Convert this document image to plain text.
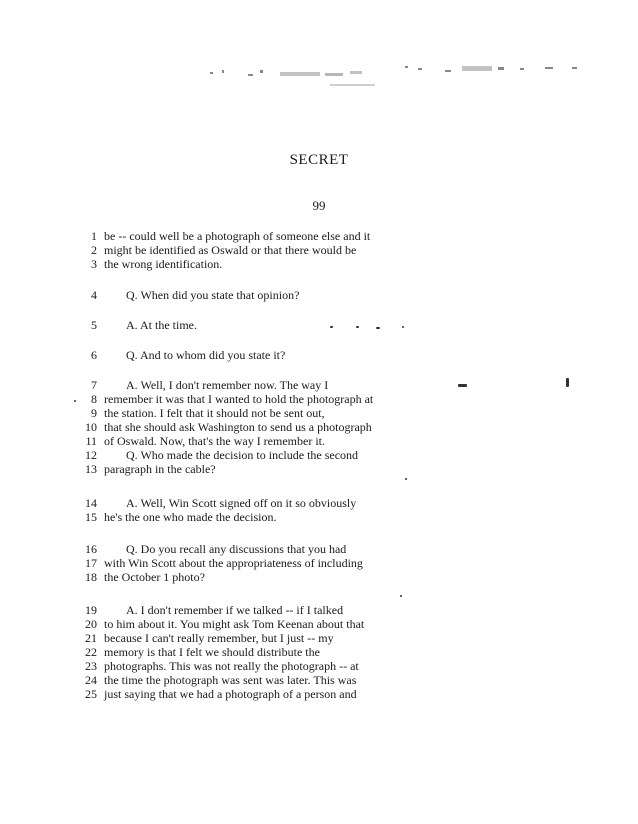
SECRET
99
1 be -- could well be a photograph of someone else and it
2 might be identified as Oswald or that there would be
3 the wrong identification.
4 Q. When did you state that opinion?
5 A. At the time.
6 Q. And to whom did you state it?
7 A. Well, I don't remember now. The way I
8 remember it was that I wanted to hold the photograph at
9 the station. I felt that it should not be sent out,
10 that she should ask Washington to send us a photograph
11 of Oswald. Now, that's the way I remember it.
12 Q. Who made the decision to include the second
13 paragraph in the cable?
14 A. Well, Win Scott signed off on it so obviously
15 he's the one who made the decision.
16 Q. Do you recall any discussions that you had
17 with Win Scott about the appropriateness of including
18 the October 1 photo?
19 A. I don't remember if we talked -- if I talked
20 to him about it. You might ask Tom Keenan about that
21 because I can't really remember, but I just -- my
22 memory is that I felt we should distribute the
23 photographs. This was not really the photograph -- at
24 the time the photograph was sent was later. This was
25 just saying that we had a photograph of a person and
